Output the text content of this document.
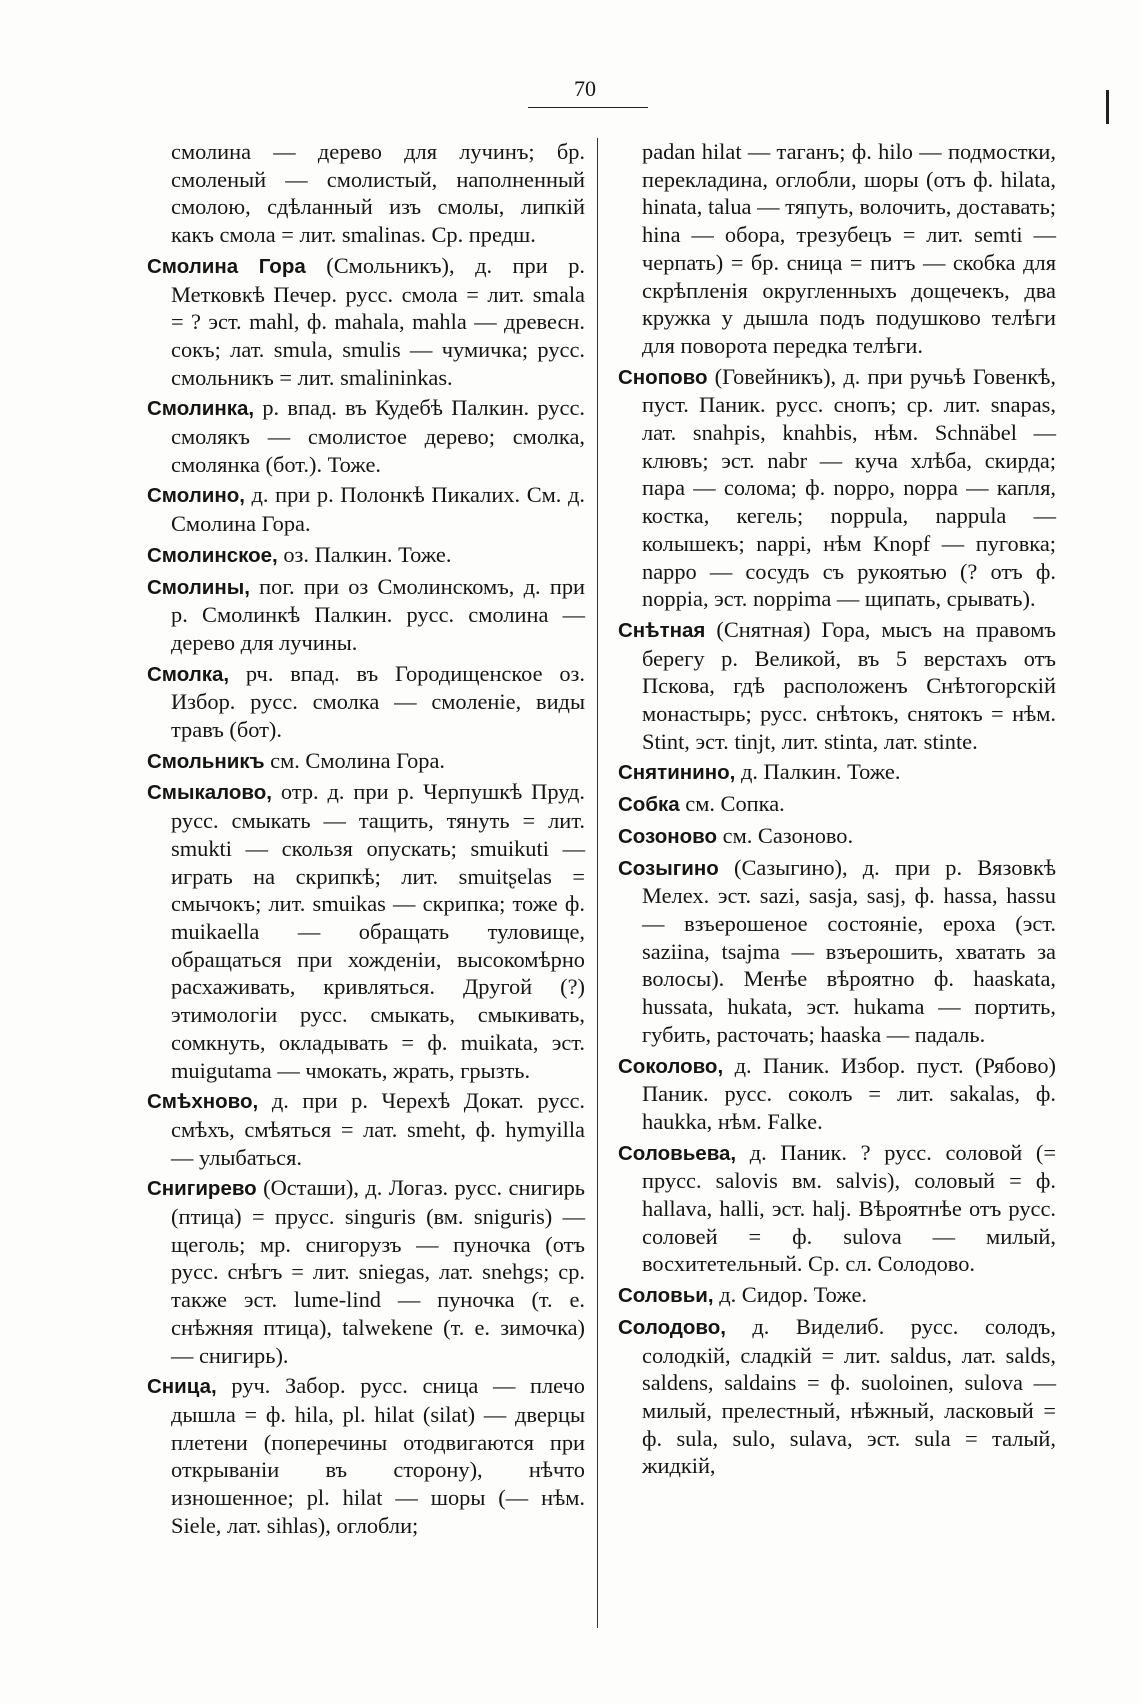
70

смолина — дерево для лучинъ; бр. смоленый — смолистый, наполненный смолою, сдѣланный изъ смолы, липкій какъ смола = лит. smalinas. Ср. предш.

Смолина Гора (Смольникъ), д. при р. Метковкѣ Печер. русс. смола = лит. smala = ? эст. mahl, ф. mahala, mahla — древесн. сокъ; лат. smula, smulis — чумичка; русс. смольникъ = лит. smalininkas.

Смолинка, р. впад. въ Кудебѣ Палкин. русс. смолякъ — смолистое дерево; смолка, смолянка (бот.). Тоже.

Смолино, д. при р. Полонкѣ Пикалих. См. д. Смолина Гора.

Смолинское, оз. Палкин. Тоже.

Смолины, пог. при оз Смолинскомъ, д. при р. Смолинкѣ Палкин. русс. смолина — дерево для лучины.

Смолка, рч. впад. въ Городищенское оз. Избор. русс. смолка — смоленіе, виды травъ (бот).

Смольникъ см. Смолина Гора.

Смыкалово, отр. д. при р. Черпушкѣ Пруд. русс. смыкать — тащить, тянуть = лит. smukti — скользя опускать; smuikuti — играть на скрипкѣ; лит. smuitʂelas = смычокъ; лит. smuikas — скрипка; тоже ф. muikaella — обращать туловище, обращаться при хожденіи, высокомѣрно расхаживать, кривляться. Другой (?) этимологіи русс. смыкать, смыкивать, сомкнуть, окладывать = ф. muikata, эст. muigutama — чмокать, жрать, грызть.

Смѣхново, д. при р. Черехѣ Докат. русс. смѣхъ, смѣяться = лат. smeht, ф. hymyilla — улыбаться.

Снигирево (Осташи), д. Логаз. русс. снигирь (птица) = прусс. singuris (вм. sniguris) — щеголь; мр. снигорузъ — пуночка (отъ русс. снѣгъ = лит. sniegas, лат. snehgs; ср. также эст. lume-lind — пуночка (т. е. снѣжняя птица), talwekene (т. е. зимочка) — снигирь).

Сница, руч. Забор. русс. сница — плечо дышла = ф. hila, pl. hilat (silat) — дверцы плетени (поперечины отодвигаются при открываніи въ сторону), нѣчто изношенное; pl. hilat — шоры (— нѣм. Siele, лат. sihlas), оглобли;

padan hilat — таганъ; ф. hilo — подмостки, перекладина, оглобли, шоры (отъ ф. hilata, hinata, talua — тяпуть, волочить, доставать; hina — обора, трезубецъ = лит. semti — черпать) = бр. сница = питъ — скобка для скрѣпленія округленныхъ дощечекъ, два кружка у дышла подъ подушково телѣги для поворота передка телѣги.

Снопово (Говейникъ), д. при ручьѣ Говенкѣ, пуст. Паник. русс. снопъ; ср. лит. snapas, лат. snahpis, knahbis, нѣм. Schnäbel — клювъ; эст. nabr — куча хлѣба, скирда; пара — солома; ф. noppo, noppa — капля, костка, кегель; noppula, nappula — колышекъ; nappi, нѣм Knopf — пуговка; nappo — сосудъ съ рукоятью (? отъ ф. noppia, эст. noppima — щипать, срывать).

Снѣтная (Снятная) Гора, мысъ на правомъ берегу р. Великой, въ 5 верстахъ отъ Пскова, гдѣ расположенъ Снѣтогорскій монастырь; русс. снѣтокъ, снятокъ = нѣм. Stint, эст. tinjt, лит. stinta, лат. stinte.

Снятинино, д. Палкин. Тоже.

Собка см. Сопка.

Созоново см. Сазоново.

Созыгино (Сазыгино), д. при р. Вязовкѣ Мелех. эст. sazi, sasja, sasj, ф. hassa, hassu — взъерошеное состояніе, ероха (эст. saziina, tsajma — взъерошить, хватать за волосы). Менѣе вѣроятно ф. haaskata, hussata, hukata, эст. hukama — портить, губить, расточать; haaska — падаль.

Соколово, д. Паник. Избор. пуст. (Рябово) Паник. русс. соколъ = лит. sakalas, ф. haukka, нѣм. Falke.

Соловьева, д. Паник. ? русс. соловой (= прусс. salovis вм. salvis), соловый = ф. hallava, halli, эст. halj. Вѣроятнѣе отъ русс. соловей = ф. sulova — милый, восхитетельный. Ср. сл. Солодово.

Соловьи, д. Сидор. Тоже.

Солодово, д. Виделиб. русс. солодъ, солодкій, сладкій = лит. saldus, лат. salds, saldens, saldains = ф. suoloinen, sulova — милый, прелестный, нѣжный, ласковый = ф. sula, sulo, sulava, эст. sula = талый, жидкій,
